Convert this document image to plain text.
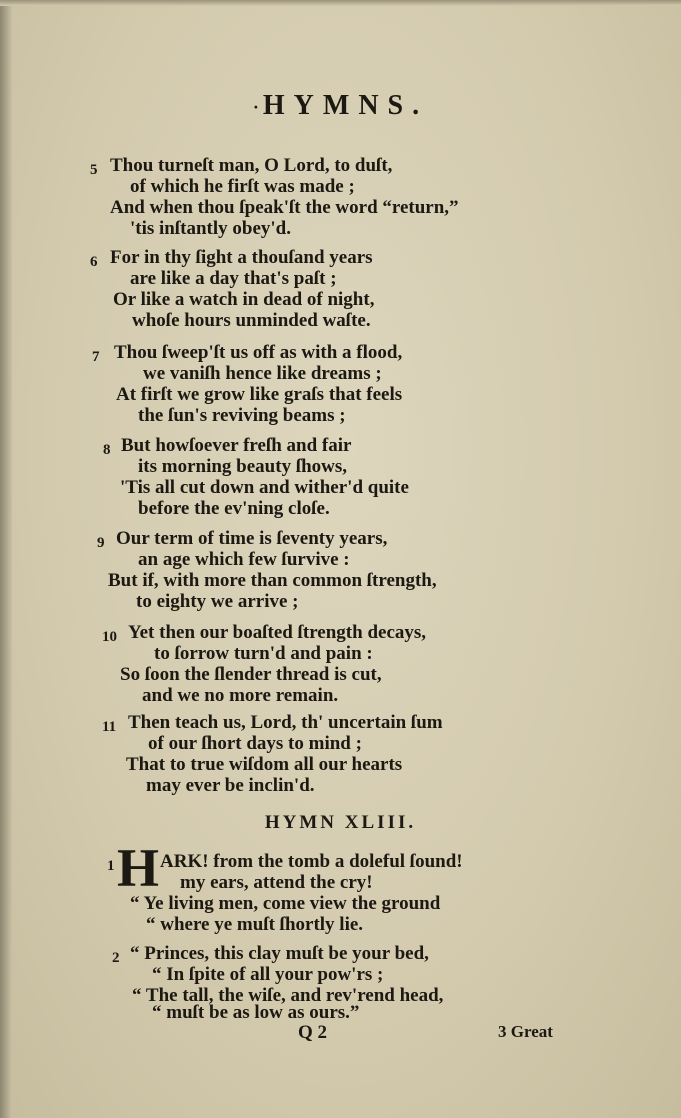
· HYMNS.
5 Thou turneſt man, O Lord, to duſt,
of which he firſt was made ;
And when thou ſpeak'ſt the word “return,”
'tis inſtantly obey'd.
6 For in thy ſight a thouſand years
are like a day that's paſt ;
Or like a watch in dead of night,
whoſe hours unminded waſte.
7 Thou ſweep'ſt us off as with a flood,
we vaniſh hence like dreams ;
At firſt we grow like graſs that feels
the ſun's reviving beams ;
8 But howſoever freſh and fair
its morning beauty ſhows,
'Tis all cut down and wither'd quite
before the ev'ning cloſe.
9 Our term of time is ſeventy years,
an age which few ſurvive :
But if, with more than common ſtrength,
to eighty we arrive ;
10 Yet then our boaſted ſtrength decays,
to ſorrow turn'd and pain :
So ſoon the ſlender thread is cut,
and we no more remain.
11 Then teach us, Lord, th' uncertain ſum
of our ſhort days to mind ;
That to true wiſdom all our hearts
may ever be inclin'd.
HYMN XLIII.
1 H ARK! from the tomb a doleful ſound!
my ears, attend the cry!
“ Ye living men, come view the ground
“ where ye muſt ſhortly lie.
2 “ Princes, this clay muſt be your bed,
“ In ſpite of all your pow'rs ;
“ The tall, the wiſe, and rev'rend head,
“ muſt be as low as ours.”
Q 2	3 Great
